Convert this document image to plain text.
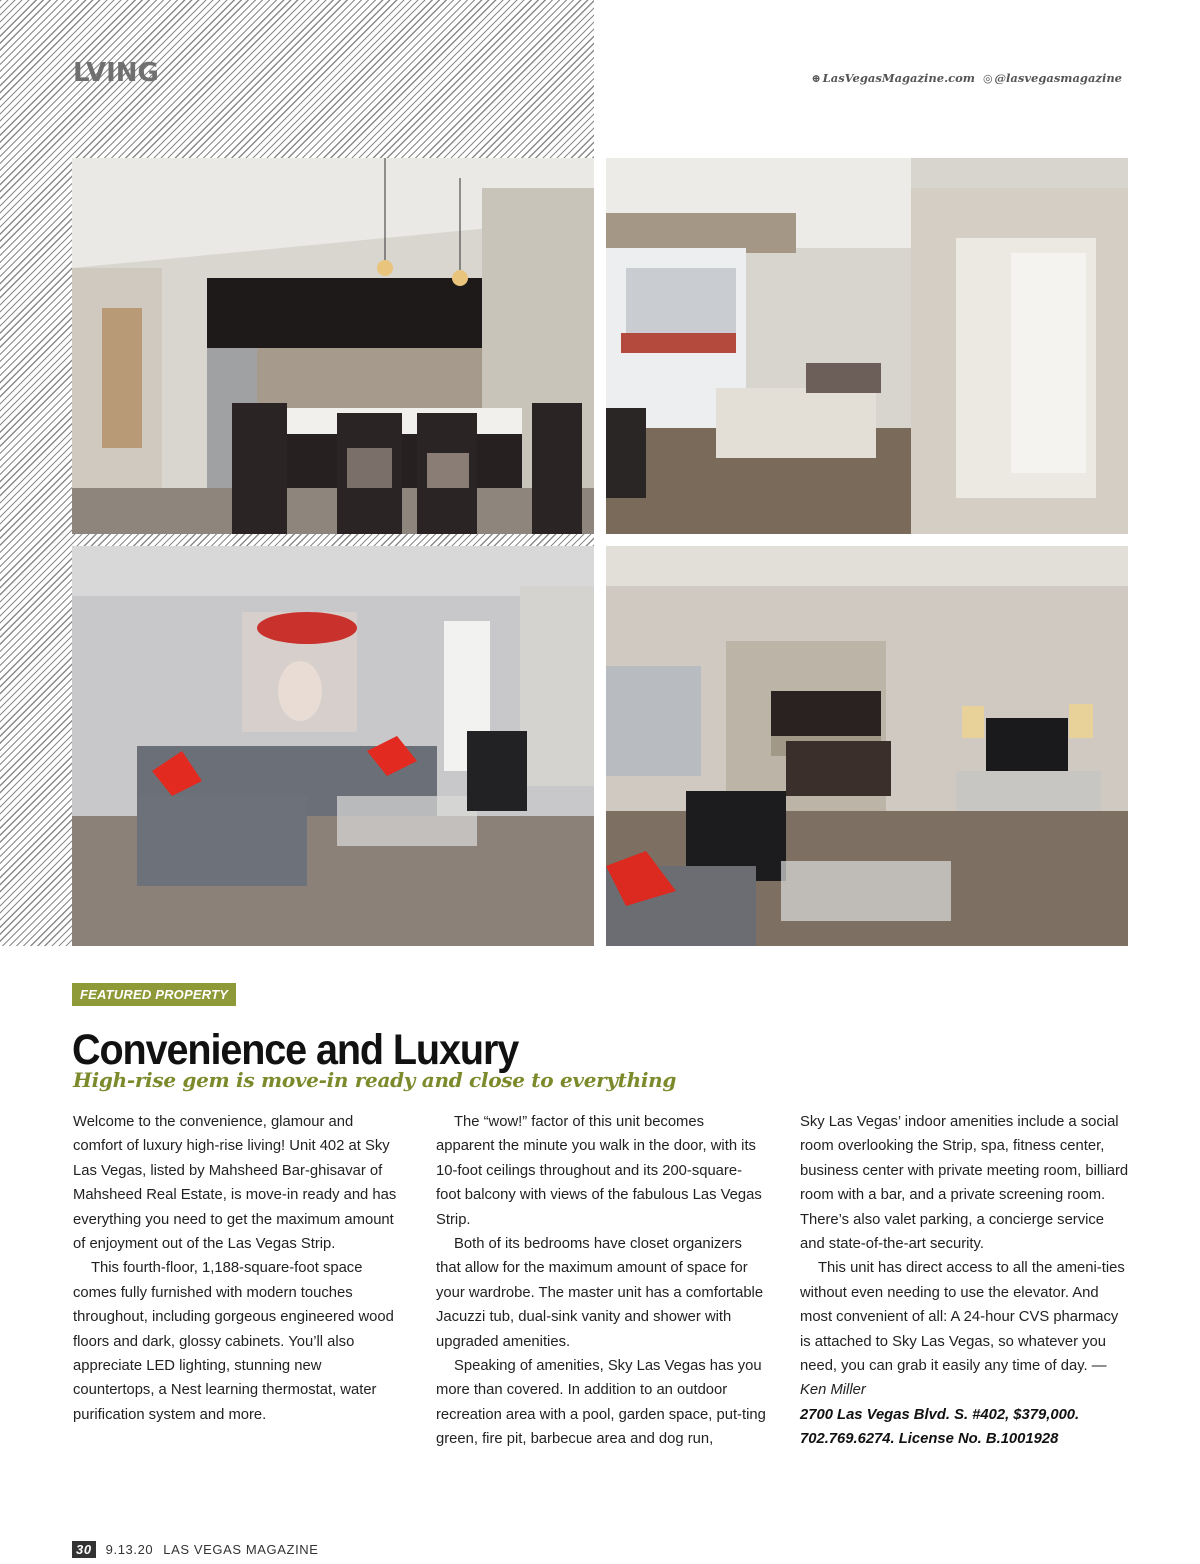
LVING	⊕ LasVegasMagazine.com ◎ @lasvegasmagazine
FEATURED PROPERTY
Convenience and Luxury
High-rise gem is move-in ready and close to everything

Welcome to the convenience, glamour and comfort of luxury high-rise living! Unit 402 at Sky Las Vegas, listed by Mahsheed Bar-ghisavar of Mahsheed Real Estate, is move-in ready and has everything you need to get the maximum amount of enjoyment out of the Las Vegas Strip.

This fourth-floor, 1,188-square-foot space comes fully furnished with modern touches throughout, including gorgeous engineered wood floors and dark, glossy cabinets. You’ll also appreciate LED lighting, stunning new countertops, a Nest learning thermostat, water purification system and more.

The “wow!” factor of this unit becomes apparent the minute you walk in the door, with its 10-foot ceilings throughout and its 200-square-foot balcony with views of the fabulous Las Vegas Strip.

Both of its bedrooms have closet organizers that allow for the maximum amount of space for your wardrobe. The master unit has a comfortable Jacuzzi tub, dual-sink vanity and shower with upgraded amenities.

Speaking of amenities, Sky Las Vegas has you more than covered. In addition to an outdoor recreation area with a pool, garden space, put-ting green, fire pit, barbecue area and dog run,

Sky Las Vegas’ indoor amenities include a social room overlooking the Strip, spa, fitness center, business center with private meeting room, billiard room with a bar, and a private screening room. There’s also valet parking, a concierge service and state-of-the-art security.

This unit has direct access to all the ameni-ties without even needing to use the elevator. And most convenient of all: A 24-hour CVS pharmacy is attached to Sky Las Vegas, so whatever you need, you can grab it easily any time of day. —Ken Miller

2700 Las Vegas Blvd. S. #402, $379,000.
702.769.6274. License No. B.1001928

30	9.13.20 LAS VEGAS MAGAZINE
